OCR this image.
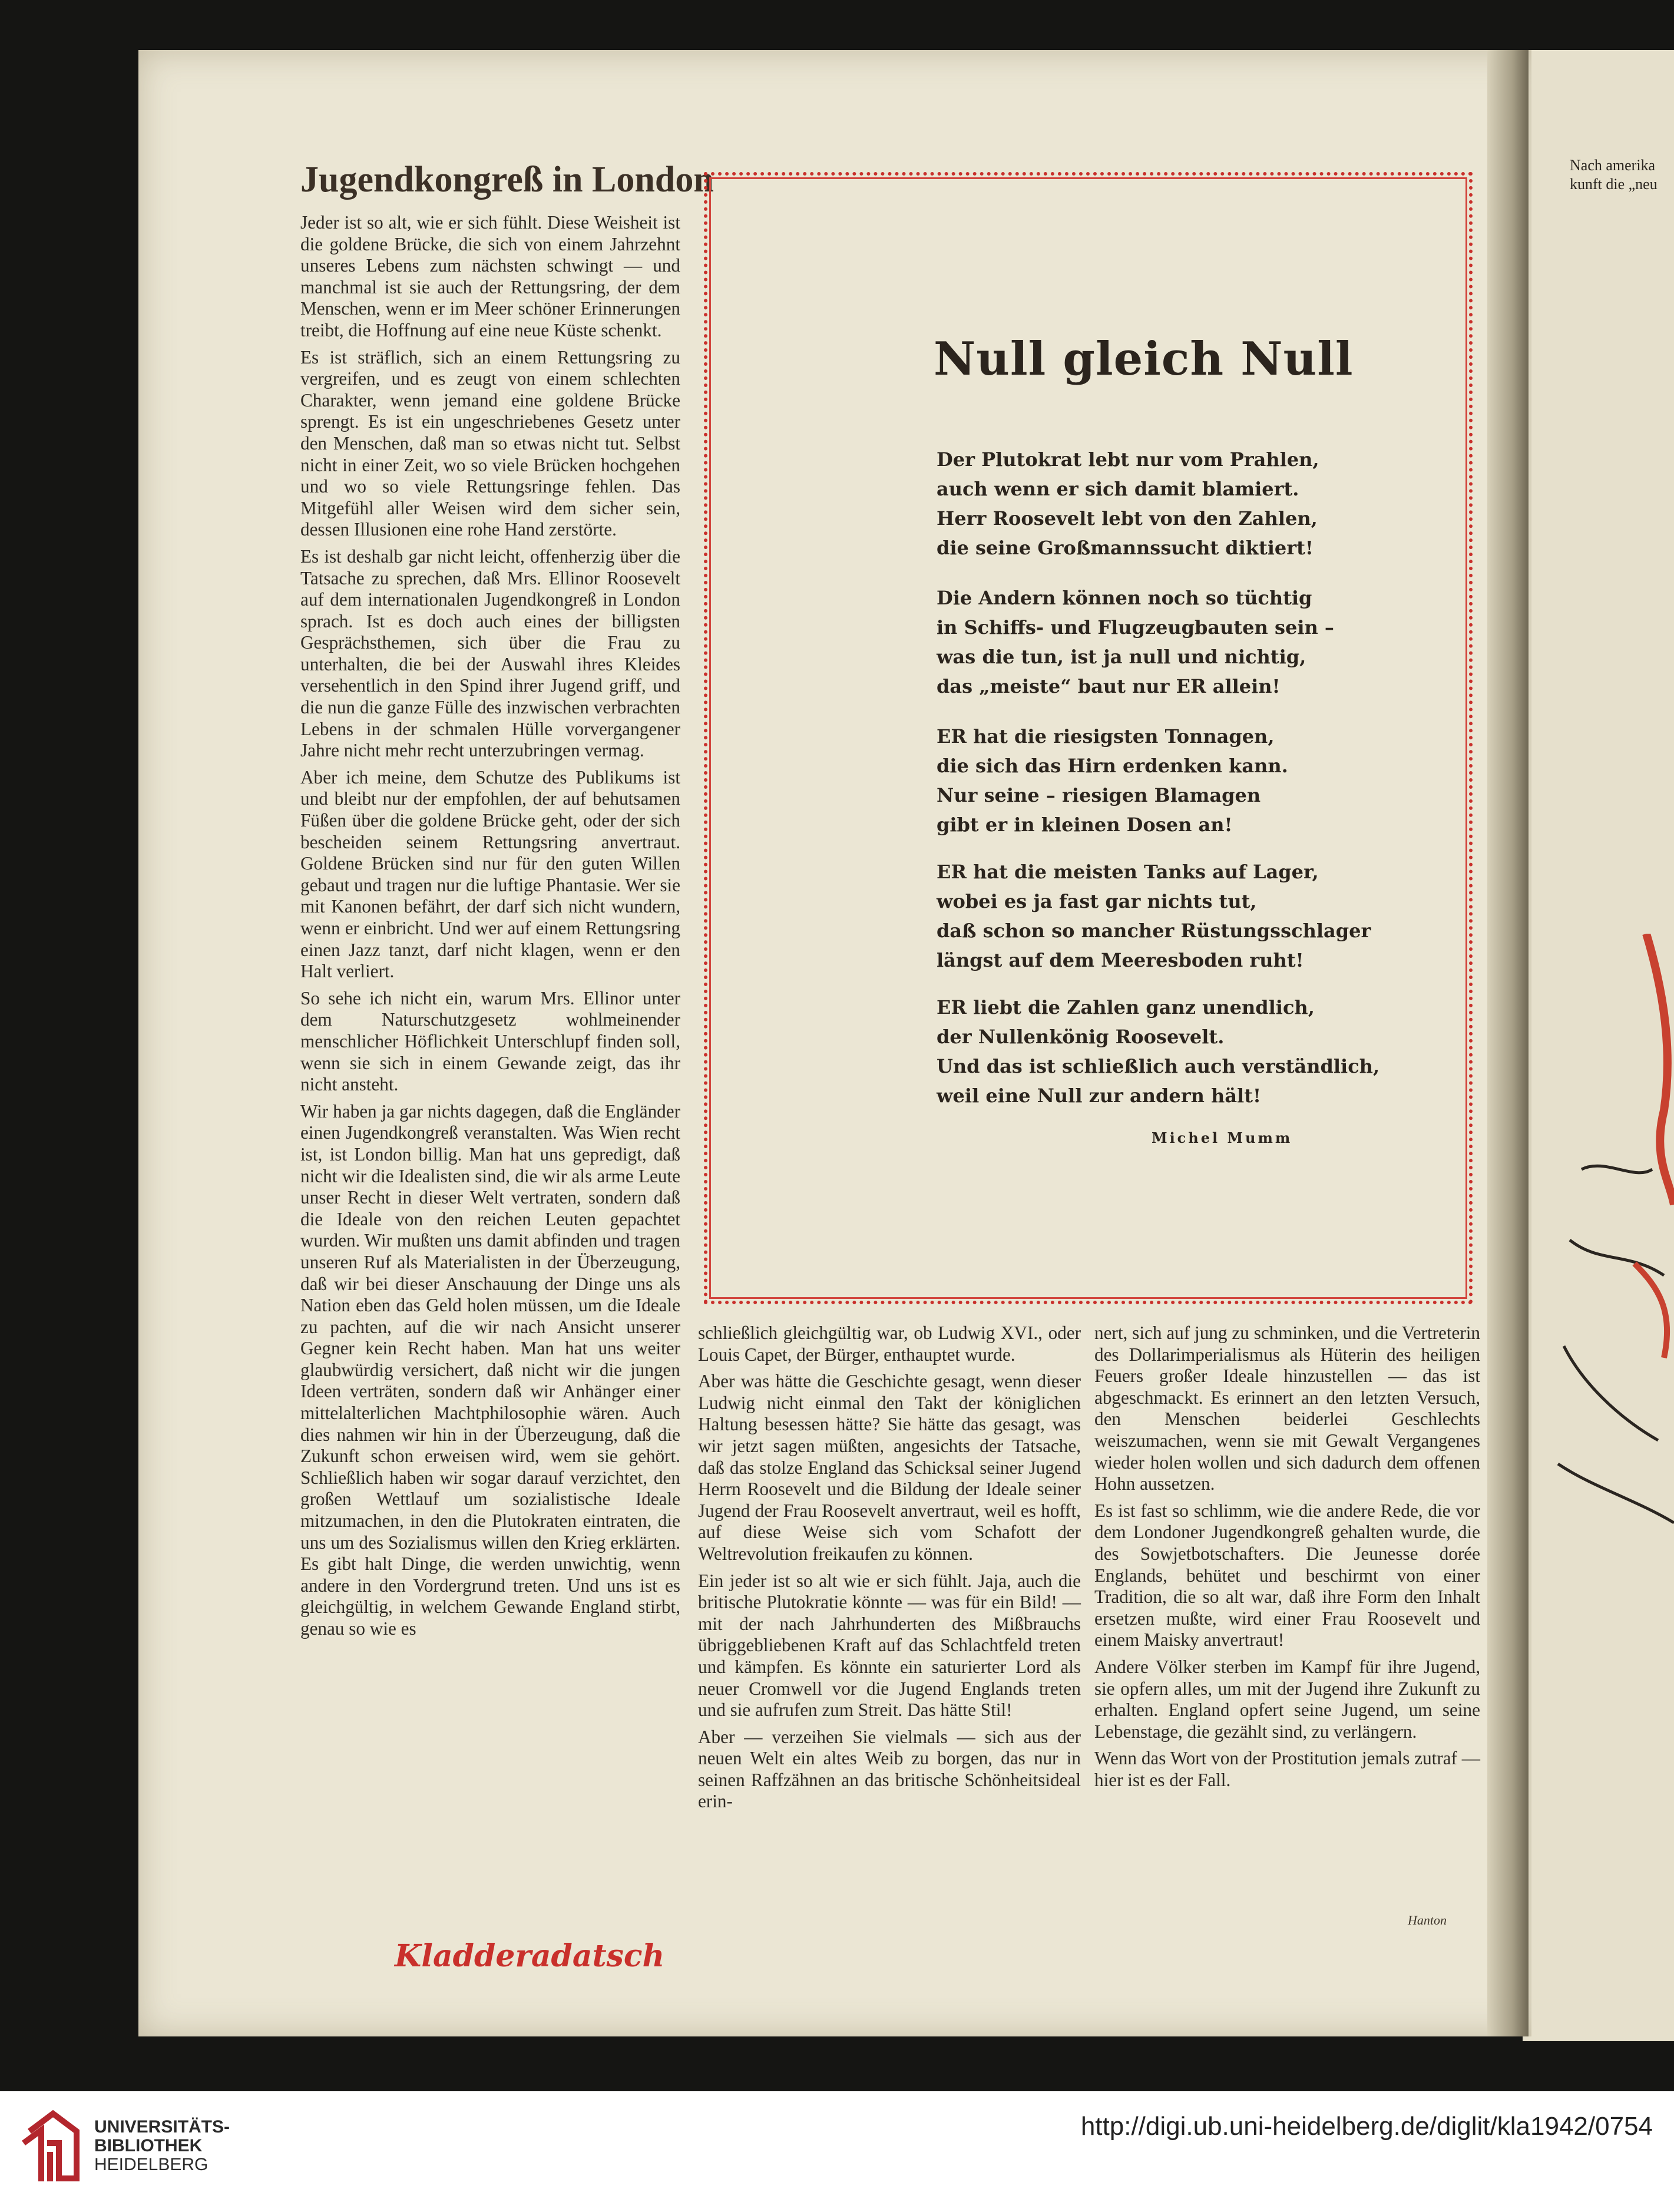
Nach amerika
kunft die „neu
Jugendkongreß in London

Jeder ist so alt, wie er sich fühlt. Diese Weisheit ist die goldene Brücke, die sich von einem Jahrzehnt unseres Lebens zum nächsten schwingt — und manchmal ist sie auch der Rettungsring, der dem Menschen, wenn er im Meer schöner Erinnerungen treibt, die Hoffnung auf eine neue Küste schenkt.

Es ist sträflich, sich an einem Rettungsring zu vergreifen, und es zeugt von einem schlechten Charakter, wenn jemand eine goldene Brücke sprengt. Es ist ein ungeschriebenes Gesetz unter den Menschen, daß man so etwas nicht tut. Selbst nicht in einer Zeit, wo so viele Brücken hochgehen und wo so viele Rettungsringe fehlen. Das Mitgefühl aller Weisen wird dem sicher sein, dessen Illusionen eine rohe Hand zerstörte.

Es ist deshalb gar nicht leicht, offenherzig über die Tatsache zu sprechen, daß Mrs. Ellinor Roosevelt auf dem internationalen Jugendkongreß in London sprach. Ist es doch auch eines der billigsten Gesprächsthemen, sich über die Frau zu unterhalten, die bei der Auswahl ihres Kleides versehentlich in den Spind ihrer Jugend griff, und die nun die ganze Fülle des inzwischen verbrachten Lebens in der schmalen Hülle vorvergangener Jahre nicht mehr recht unterzubringen vermag.

Aber ich meine, dem Schutze des Publikums ist und bleibt nur der empfohlen, der auf behutsamen Füßen über die goldene Brücke geht, oder der sich bescheiden seinem Rettungsring anvertraut. Goldene Brücken sind nur für den guten Willen gebaut und tragen nur die luftige Phantasie. Wer sie mit Kanonen befährt, der darf sich nicht wundern, wenn er einbricht. Und wer auf einem Rettungsring einen Jazz tanzt, darf nicht klagen, wenn er den Halt verliert.

So sehe ich nicht ein, warum Mrs. Ellinor unter dem Naturschutzgesetz wohlmeinender menschlicher Höflichkeit Unterschlupf finden soll, wenn sie sich in einem Gewande zeigt, das ihr nicht ansteht.

Wir haben ja gar nichts dagegen, daß die Engländer einen Jugendkongreß veranstalten. Was Wien recht ist, ist London billig. Man hat uns gepredigt, daß nicht wir die Idealisten sind, die wir als arme Leute unser Recht in dieser Welt vertraten, sondern daß die Ideale von den reichen Leuten gepachtet wurden. Wir mußten uns damit abfinden und tragen unseren Ruf als Materialisten in der Überzeugung, daß wir bei dieser Anschauung der Dinge uns als Nation eben das Geld holen müssen, um die Ideale zu pachten, auf die wir nach Ansicht unserer Gegner kein Recht haben. Man hat uns weiter glaubwürdig versichert, daß nicht wir die jungen Ideen verträten, sondern daß wir Anhänger einer mittelalterlichen Machtphilosophie wären. Auch dies nahmen wir hin in der Überzeugung, daß die Zukunft schon erweisen wird, wem sie gehört. Schließlich haben wir sogar darauf verzichtet, den großen Wettlauf um sozialistische Ideale mitzumachen, in den die Plutokraten eintraten, die uns um des Sozialismus willen den Krieg erklärten. Es gibt halt Dinge, die werden unwichtig, wenn andere in den Vordergrund treten. Und uns ist es gleichgültig, in welchem Gewande England stirbt, genau so wie es

Null gleich Null
Der Plutokrat lebt nur vom Prahlen,
auch wenn er sich damit blamiert.
Herr Roosevelt lebt von den Zahlen,
die seine Großmannssucht diktiert!
Die Andern können noch so tüchtig
in Schiffs- und Flugzeugbauten sein –
was die tun, ist ja null und nichtig,
das „meiste“ baut nur ER allein!
ER hat die riesigsten Tonnagen,
die sich das Hirn erdenken kann.
Nur seine – riesigen Blamagen
gibt er in kleinen Dosen an!
ER hat die meisten Tanks auf Lager,
wobei es ja fast gar nichts tut,
daß schon so mancher Rüstungsschlager
längst auf dem Meeresboden ruht!
ER liebt die Zahlen ganz unendlich,
der Nullenkönig Roosevelt.
Und das ist schließlich auch verständlich,
weil eine Null zur andern hält!
Michel Mumm

schließlich gleichgültig war, ob Ludwig XVI., oder Louis Capet, der Bürger, enthauptet wurde.

Aber was hätte die Geschichte gesagt, wenn dieser Ludwig nicht einmal den Takt der königlichen Haltung besessen hätte? Sie hätte das gesagt, was wir jetzt sagen müßten, angesichts der Tatsache, daß das stolze England das Schicksal seiner Jugend Herrn Roosevelt und die Bildung der Ideale seiner Jugend der Frau Roosevelt anvertraut, weil es hofft, auf diese Weise sich vom Schafott der Weltrevolution freikaufen zu können.

Ein jeder ist so alt wie er sich fühlt. Jaja, auch die britische Plutokratie könnte — was für ein Bild! — mit der nach Jahrhunderten des Mißbrauchs übriggebliebenen Kraft auf das Schlachtfeld treten und kämpfen. Es könnte ein saturierter Lord als neuer Cromwell vor die Jugend Englands treten und sie aufrufen zum Streit. Das hätte Stil!

Aber — verzeihen Sie vielmals — sich aus der neuen Welt ein altes Weib zu borgen, das nur in seinen Raffzähnen an das britische Schönheitsideal erin-

nert, sich auf jung zu schminken, und die Vertreterin des Dollarimperialismus als Hüterin des heiligen Feuers großer Ideale hinzustellen — das ist abgeschmackt. Es erinnert an den letzten Versuch, den Menschen beiderlei Geschlechts weiszumachen, wenn sie mit Gewalt Vergangenes wieder holen wollen und sich dadurch dem offenen Hohn aussetzen.

Es ist fast so schlimm, wie die andere Rede, die vor dem Londoner Jugendkongreß gehalten wurde, die des Sowjetbotschafters. Die Jeunesse dorée Englands, behütet und beschirmt von einer Tradition, die so alt war, daß ihre Form den Inhalt ersetzen mußte, wird einer Frau Roosevelt und einem Maisky anvertraut!

Andere Völker sterben im Kampf für ihre Jugend, sie opfern alles, um mit der Jugend ihre Zukunft zu erhalten. England opfert seine Jugend, um seine Lebenstage, die gezählt sind, zu verlängern.

Wenn das Wort von der Prostitution jemals zutraf — hier ist es der Fall.

Hanton
Kladderadatsch
UNIVERSITÄTS-
BIBLIOTHEK
HEIDELBERG
http://digi.ub.uni-heidelberg.de/diglit/kla1942/0754
